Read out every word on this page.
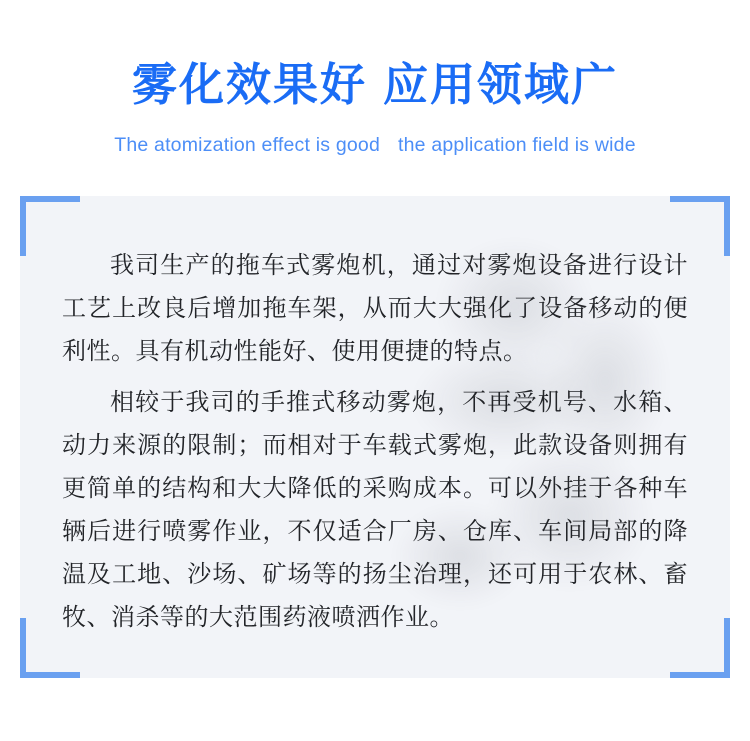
雾化效果好 应用领域广
The atomization effect is good the application field is wide

我司生产的拖车式雾炮机，通过对雾炮设备进行设计工艺上改良后增加拖车架，从而大大强化了设备移动的便利性。具有机动性能好、使用便捷的特点。

相较于我司的手推式移动雾炮，不再受机号、水箱、动力来源的限制；而相对于车载式雾炮，此款设备则拥有更简单的结构和大大降低的采购成本。可以外挂于各种车辆后进行喷雾作业，不仅适合厂房、仓库、车间局部的降温及工地、沙场、矿场等的扬尘治理，还可用于农林、畜牧、消杀等的大范围药液喷洒作业。
